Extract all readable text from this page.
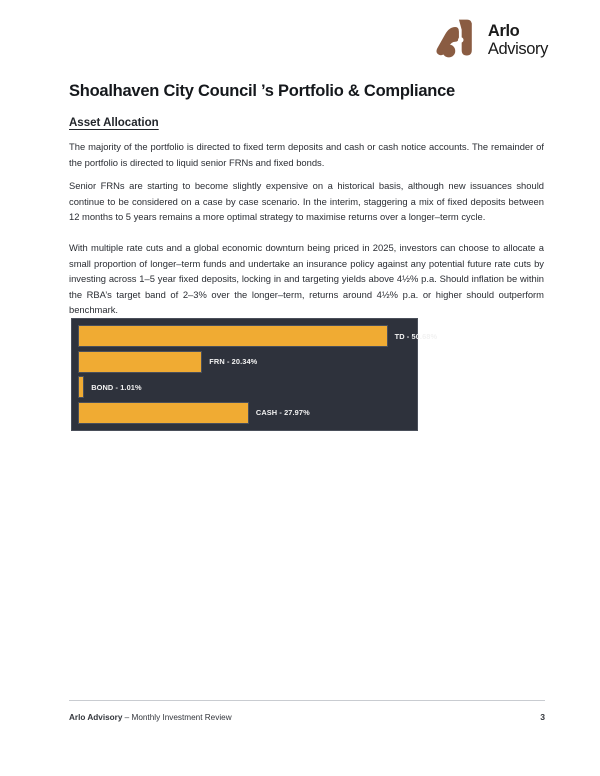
Arlo
Advisory
Shoalhaven City Council ’s Portfolio & Compliance
Asset Allocation

The majority of the portfolio is directed to fixed term deposits and cash or cash notice accounts. The remainder of the portfolio is directed to liquid senior FRNs and fixed bonds.

Senior FRNs are starting to become slightly expensive on a historical basis, although new issuances should continue to be considered on a case by case scenario. In the interim, staggering a mix of fixed deposits between 12 months to 5 years remains a more optimal strategy to maximise returns over a longer–term cycle.

With multiple rate cuts and a global economic downturn being priced in 2025, investors can choose to allocate a small proportion of longer–term funds and undertake an insurance policy against any potential future rate cuts by investing across 1–5 year fixed deposits, locking in and targeting yields above 4½% p.a. Should inflation be within the RBA’s target band of 2–3% over the longer–term, returns around 4½% p.a. or higher should outperform benchmark.

TD - 50.68%
FRN - 20.34%
BOND - 1.01%
CASH - 27.97%
Arlo Advisory – Monthly Investment Review	3
